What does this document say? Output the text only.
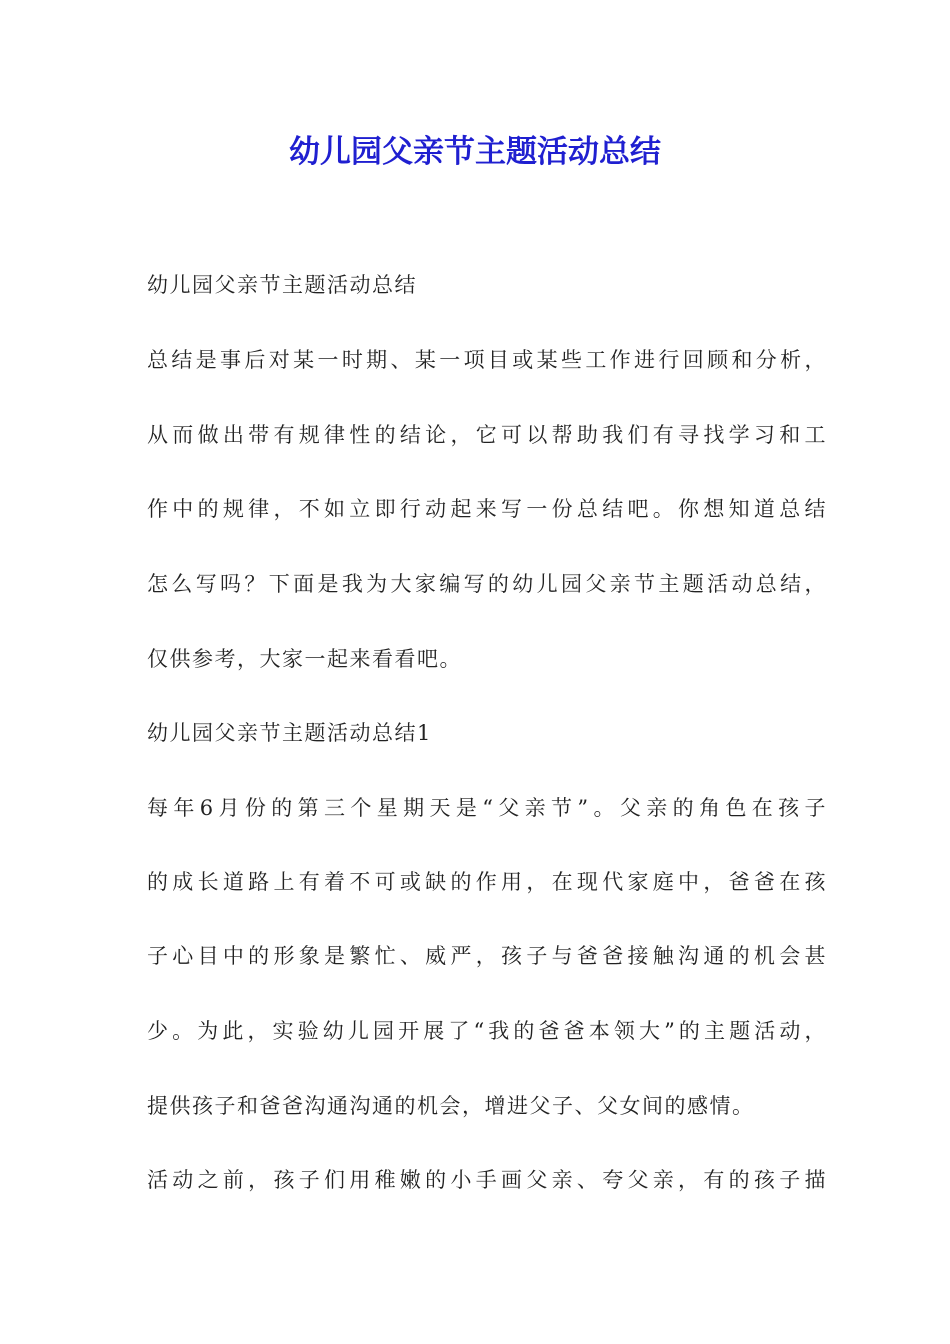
幼儿园父亲节主题活动总结

幼儿园父亲节主题活动总结

总结是事后对某一时期、某一项目或某些工作进行回顾和分析，

从而做出带有规律性的结论，它可以帮助我们有寻找学习和工

作中的规律，不如立即行动起来写一份总结吧。你想知道总结

怎么写吗？下面是我为大家编写的幼儿园父亲节主题活动总结，

仅供参考，大家一起来看看吧。

幼儿园父亲节主题活动总结1

每年6月份的第三个星期天是“父亲节”。父亲的角色在孩子

的成长道路上有着不可或缺的作用，在现代家庭中，爸爸在孩

子心目中的形象是繁忙、威严，孩子与爸爸接触沟通的机会甚

少。为此，实验幼儿园开展了“我的爸爸本领大”的主题活动，

提供孩子和爸爸沟通沟通的机会，增进父子、父女间的感情。

活动之前，孩子们用稚嫩的小手画父亲、夸父亲，有的孩子描
